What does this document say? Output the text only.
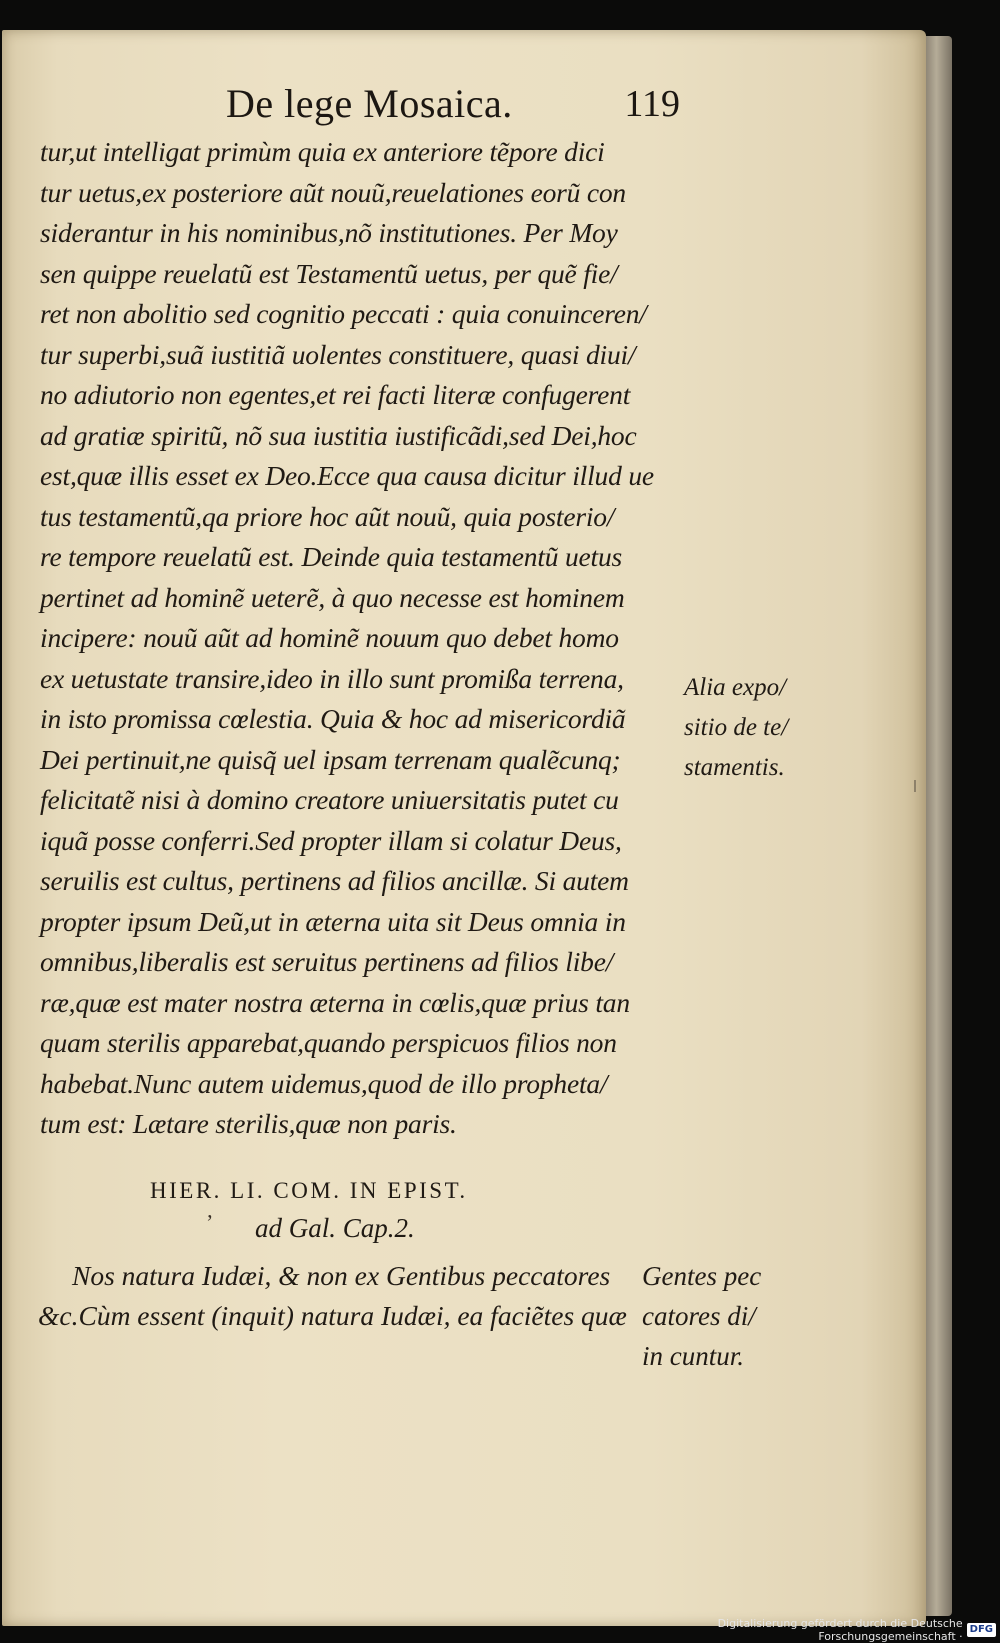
De lege Mosaica.	119
tur,ut intelligat primùm quia ex anteriore tẽpore dici
tur uetus,ex posteriore aũt nouũ,reuelationes eorũ con
siderantur in his nominibus,nõ institutiones. Per Moy
sen quippe reuelatũ est Testamentũ uetus, per quẽ fie/
ret non abolitio sed cognitio peccati : quia conuinceren/
tur superbi,suã iustitiã uolentes constituere, quasi diui/
no adiutorio non egentes,et rei facti literæ confugerent
ad gratiæ spiritũ, nõ sua iustitia iustificãdi,sed Dei,hoc
est,quæ illis esset ex Deo.Ecce qua causa dicitur illud ue
tus testamentũ,qa priore hoc aũt nouũ, quia posterio/
re tempore reuelatũ est. Deinde quia testamentũ uetus
pertinet ad hominẽ ueterẽ, à quo necesse est hominem
incipere: nouũ aũt ad hominẽ nouum quo debet homo
ex uetustate transire,ideo in illo sunt promißa terrena,
in isto promissa cœlestia. Quia & hoc ad misericordiã
Dei pertinuit,ne quisq̃ uel ipsam terrenam qualẽcunq;
felicitatẽ nisi à domino creatore uniuersitatis putet cu
iquã posse conferri.Sed propter illam si colatur Deus,
seruilis est cultus, pertinens ad filios ancillæ. Si autem
propter ipsum Deũ,ut in æterna uita sit Deus omnia in
omnibus,liberalis est seruitus pertinens ad filios libe/
ræ,quæ est mater nostra æterna in cœlis,quæ prius tan
quam sterilis apparebat,quando perspicuos filios non
habebat.Nunc autem uidemus,quod de illo propheta/
tum est: Lætare sterilis,quæ non paris.
Alia expo/
sitio de te/
stamentis.
HIER. LI. COM. IN EPIST.
ʼ ad Gal. Cap.2.
Nos natura Iudæi, & non ex Gentibus peccatores
&c.Cùm essent (inquit) natura Iudæi, ea faciẽtes quæ
Gentes pec
catores di/
in cuntur.
Digitalisierung gefördert durch die Deutsche Forschungsgemeinschaft ·
DFG
